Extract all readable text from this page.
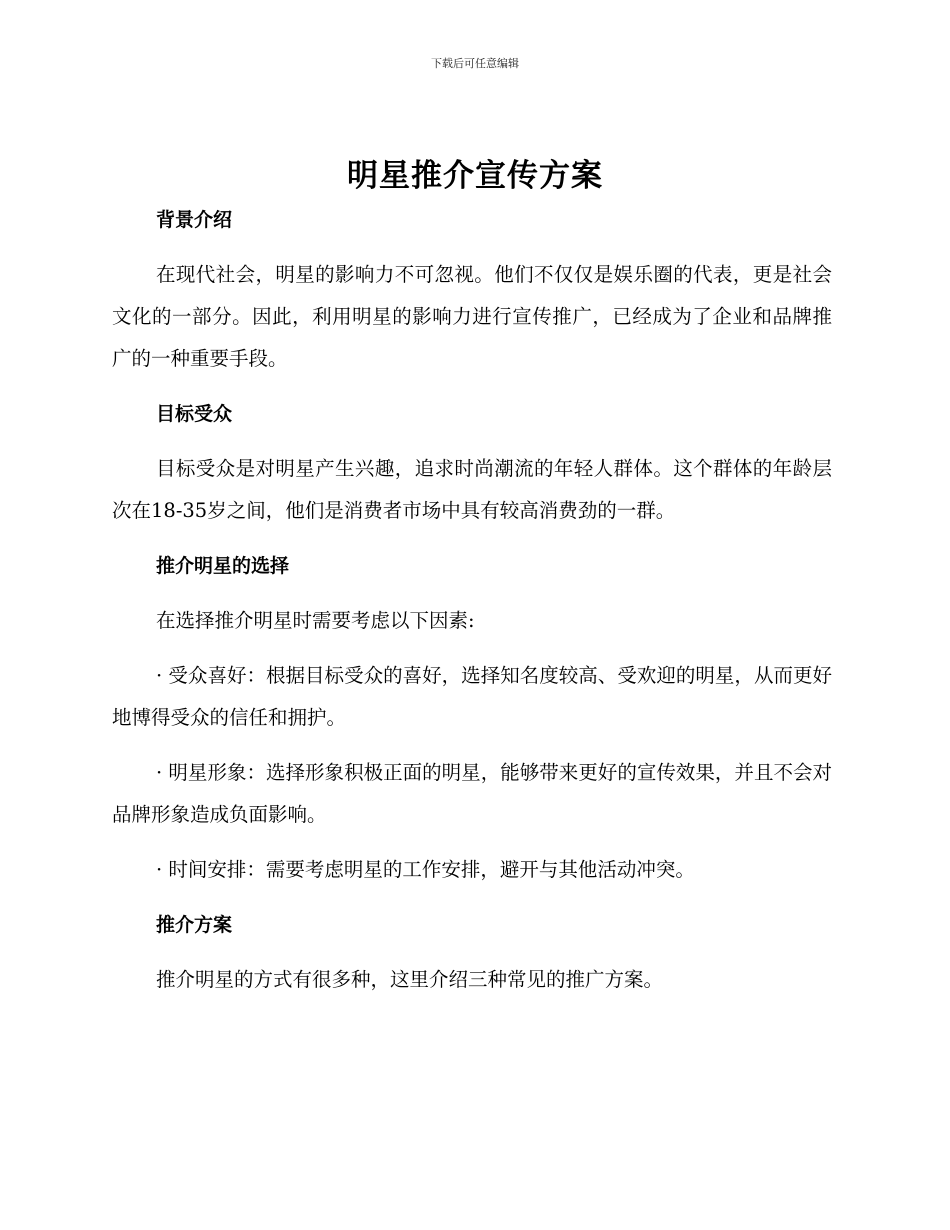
下载后可任意编辑
明星推介宣传方案

背景介绍

在现代社会，明星的影响力不可忽视。他们不仅仅是娱乐圈的代表，更是社会文化的一部分。因此，利用明星的影响力进行宣传推广，已经成为了企业和品牌推广的一种重要手段。

目标受众

目标受众是对明星产生兴趣，追求时尚潮流的年轻人群体。这个群体的年龄层次在18-35岁之间，他们是消费者市场中具有较高消费劲的一群。

推介明星的选择

在选择推介明星时需要考虑以下因素:

· 受众喜好：根据目标受众的喜好，选择知名度较高、受欢迎的明星，从而更好地博得受众的信任和拥护。

· 明星形象：选择形象积极正面的明星，能够带来更好的宣传效果，并且不会对品牌形象造成负面影响。

· 时间安排：需要考虑明星的工作安排，避开与其他活动冲突。

推介方案

推介明星的方式有很多种，这里介绍三种常见的推广方案。
